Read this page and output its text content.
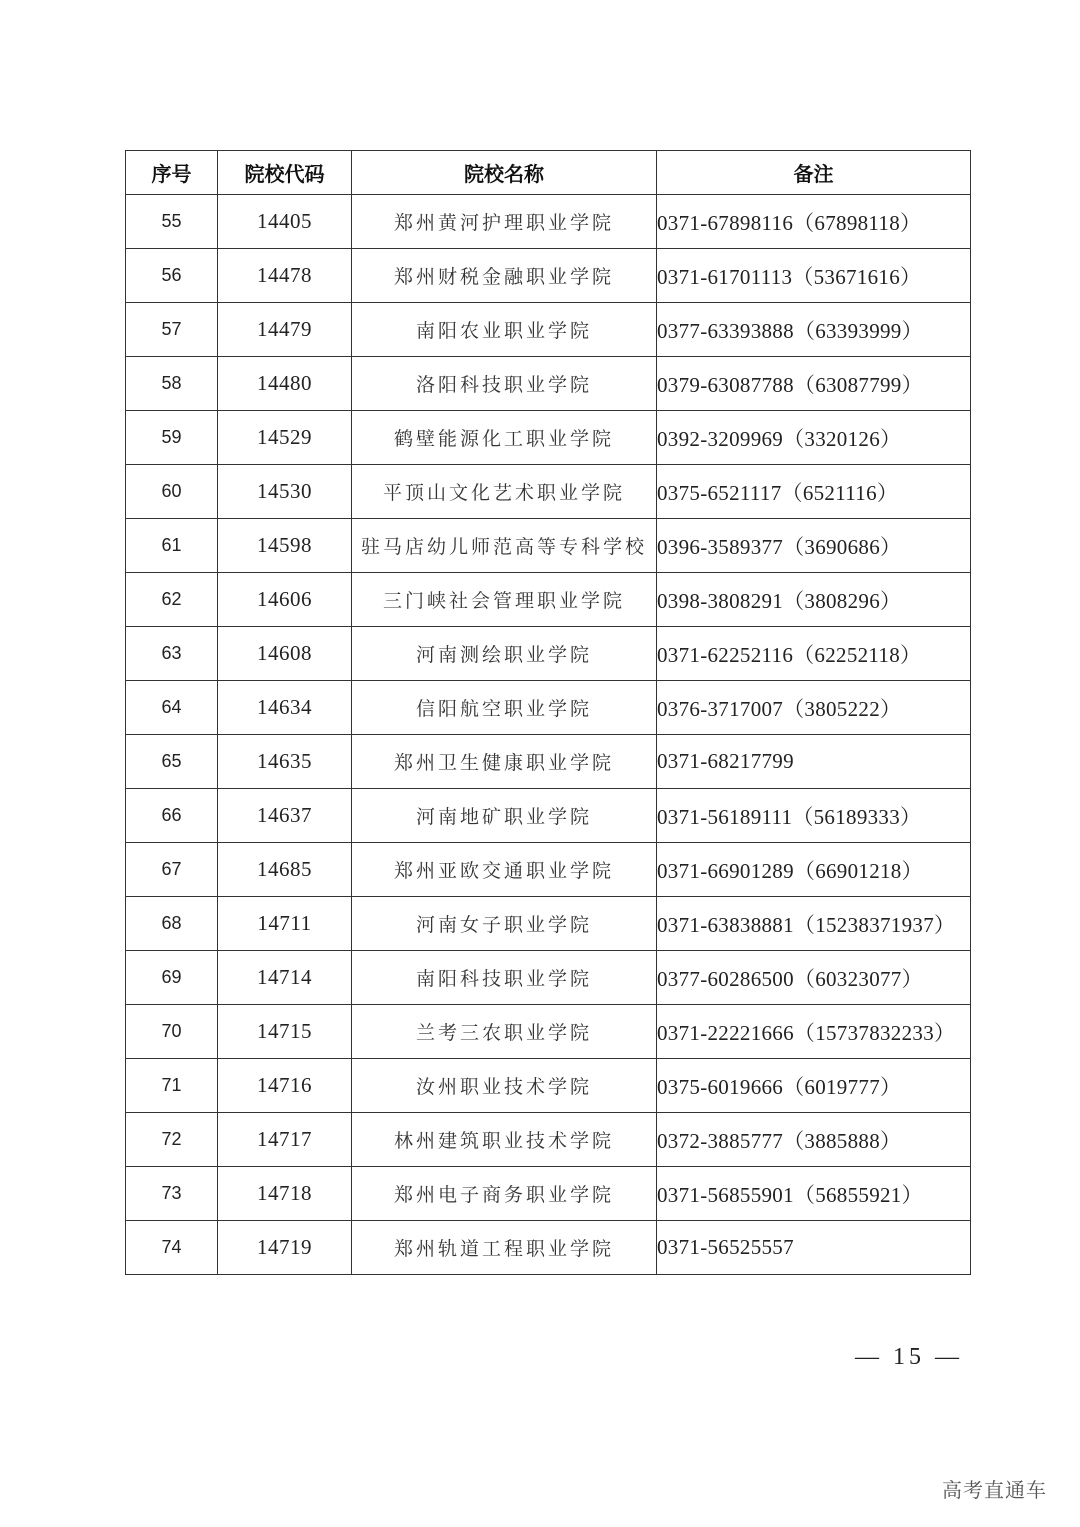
序号	院校代码	院校名称	备注
55	14405	郑州黄河护理职业学院	0371-67898116（67898118）
56	14478	郑州财税金融职业学院	0371-61701113（53671616）
57	14479	南阳农业职业学院	0377-63393888（63393999）
58	14480	洛阳科技职业学院	0379-63087788（63087799）
59	14529	鹤壁能源化工职业学院	0392-3209969（3320126）
60	14530	平顶山文化艺术职业学院	0375-6521117（6521116）
61	14598	驻马店幼儿师范高等专科学校	0396-3589377（3690686）
62	14606	三门峡社会管理职业学院	0398-3808291（3808296）
63	14608	河南测绘职业学院	0371-62252116（62252118）
64	14634	信阳航空职业学院	0376-3717007（3805222）
65	14635	郑州卫生健康职业学院	0371-68217799
66	14637	河南地矿职业学院	0371-56189111（56189333）
67	14685	郑州亚欧交通职业学院	0371-66901289（66901218）
68	14711	河南女子职业学院	0371-63838881（15238371937）
69	14714	南阳科技职业学院	0377-60286500（60323077）
70	14715	兰考三农职业学院	0371-22221666（15737832233）
71	14716	汝州职业技术学院	0375-6019666（6019777）
72	14717	林州建筑职业技术学院	0372-3885777（3885888）
73	14718	郑州电子商务职业学院	0371-56855901（56855921）
74	14719	郑州轨道工程职业学院	0371-56525557
— 15 —
高考直通车
